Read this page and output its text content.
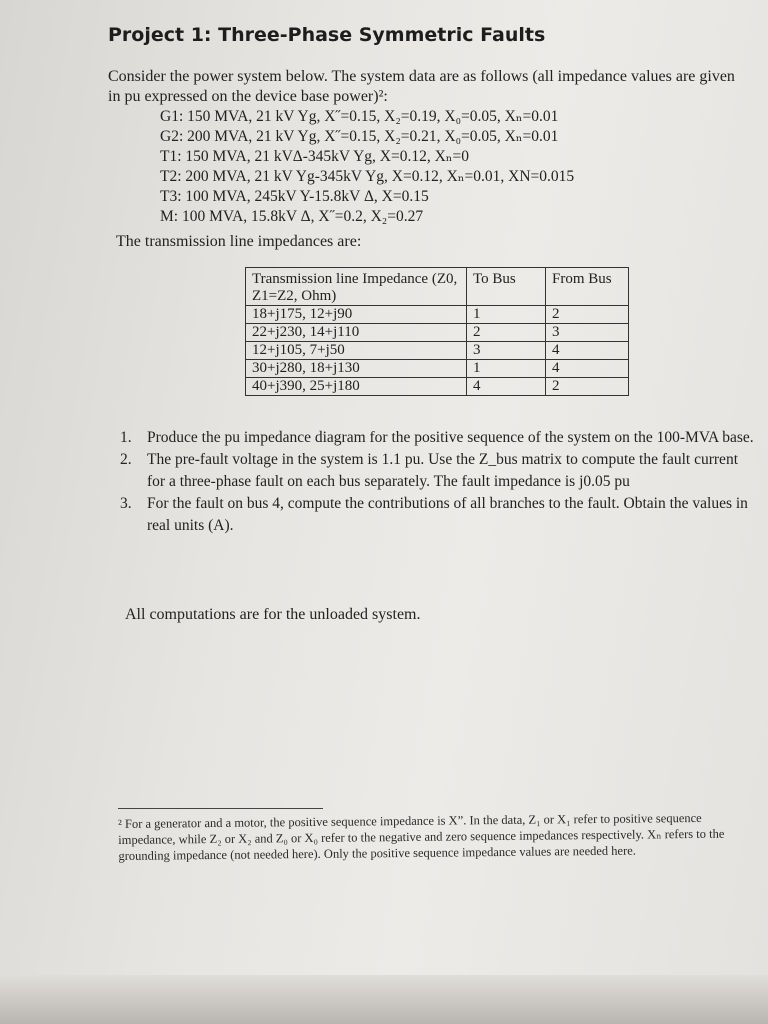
Project 1: Three-Phase Symmetric Faults
Consider the power system below. The system data are as follows (all impedance values are given in pu expressed on the device base power)²:
G1: 150 MVA, 21 kV Yg, X˝=0.15, X₂=0.19, X₀=0.05, Xₙ=0.01
G2: 200 MVA, 21 kV Yg, X˝=0.15, X₂=0.21, X₀=0.05, Xₙ=0.01
T1: 150 MVA, 21 kVΔ-345kV Yg, X=0.12, Xₙ=0
T2: 200 MVA, 21 kV Yg-345kV Yg, X=0.12, Xₙ=0.01, XN=0.015
T3: 100 MVA, 245kV Y-15.8kV Δ, X=0.15
M: 100 MVA, 15.8kV Δ, X˝=0.2, X₂=0.27
The transmission line impedances are:
Transmission line Impedance (Z0, Z1=Z2, Ohm)	To Bus	From Bus
18+j175, 12+j90	1	2
22+j230, 14+j110	2	3
12+j105, 7+j50	3	4
30+j280, 18+j130	1	4
40+j390, 25+j180	4	2
1. Produce the pu impedance diagram for the positive sequence of the system on the 100-MVA base.
2. The pre-fault voltage in the system is 1.1 pu. Use the Z_bus matrix to compute the fault current for a three-phase fault on each bus separately. The fault impedance is j0.05 pu
3. For the fault on bus 4, compute the contributions of all branches to the fault. Obtain the values in real units (A).
All computations are for the unloaded system.
² For a generator and a motor, the positive sequence impedance is X”. In the data, Z₁ or X₁ refer to positive sequence impedance, while Z₂ or X₂ and Z₀ or X₀ refer to the negative and zero sequence impedances respectively. Xₙ refers to the grounding impedance (not needed here). Only the positive sequence impedance values are needed here.
